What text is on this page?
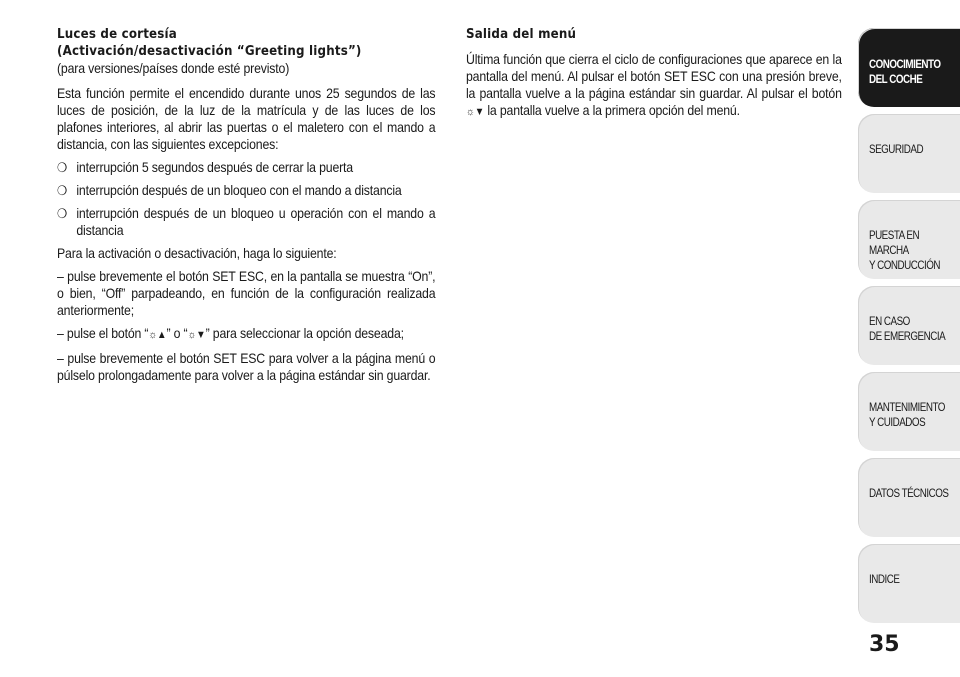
Luces de cortesía
(Activación/desactivación “Greeting lights”)
(para versiones/países donde esté previsto)

Esta función permite el encendido durante unos 25 segundos de las luces de posición, de la luz de la matrícula y de las luces de los plafones interiores, al abrir las puertas o el maletero con el mando a distancia, con las siguientes excepciones:

❍ interrupción 5 segundos después de cerrar la puerta
❍ interrupción después de un bloqueo con el mando a distancia
❍ interrupción después de un bloqueo u operación con el mando a distancia

Para la activación o desactivación, haga lo siguiente:

– pulse brevemente el botón SET ESC, en la pantalla se muestra “On”, o bien, “Off” parpadeando, en función de la configuración realizada anteriormente;

– pulse el botón “☼▲” o “☼▼” para seleccionar la opción deseada;

– pulse brevemente el botón SET ESC para volver a la página menú o púlselo prolongadamente para volver a la página estándar sin guardar.

Salida del menú

Última función que cierra el ciclo de configuraciones que aparece en la pantalla del menú. Al pulsar el botón SET ESC con una presión breve, la pantalla vuelve a la página estándar sin guardar. Al pulsar el botón ☼▼ la pantalla vuelve a la primera opción del menú.

CONOCIMIENTO
DEL COCHE
SEGURIDAD
PUESTA EN MARCHA
Y CONDUCCIÓN
EN CASO
DE EMERGENCIA
MANTENIMIENTO
Y CUIDADOS
DATOS TÉCNICOS
INDICE
35
